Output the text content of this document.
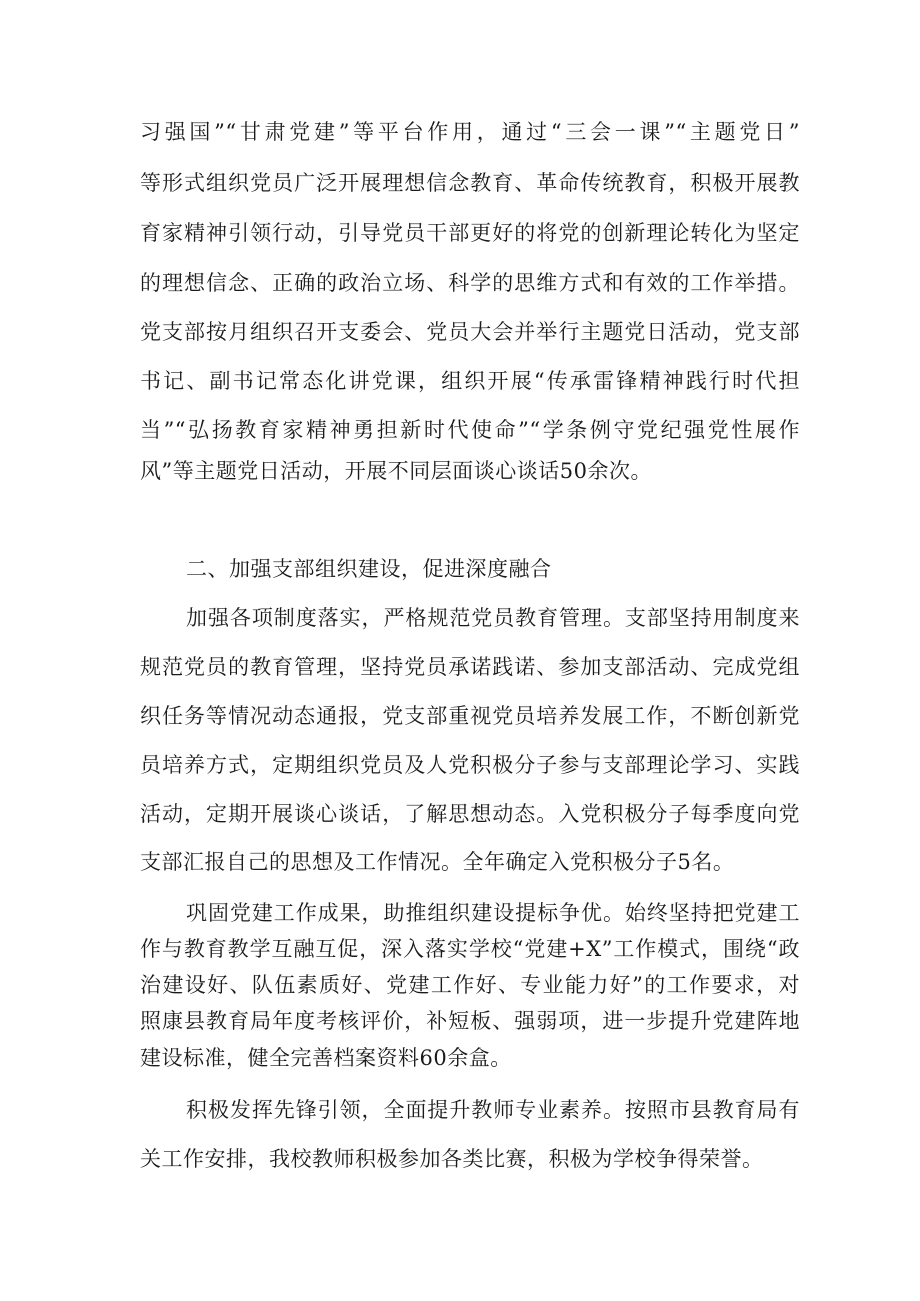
习强国”“甘肃党建”等平台作用，通过“三会一课”“主题党日”
等形式组织党员广泛开展理想信念教育、革命传统教育，积极开展教
育家精神引领行动，引导党员干部更好的将党的创新理论转化为坚定
的理想信念、正确的政治立场、科学的思维方式和有效的工作举措。
党支部按月组织召开支委会、党员大会并举行主题党日活动，党支部
书记、副书记常态化讲党课，组织开展“传承雷锋精神践行时代担
当”“弘扬教育家精神勇担新时代使命”“学条例守党纪强党性展作
风”等主题党日活动，开展不同层面谈心谈话50余次。
二、加强支部组织建设，促进深度融合
加强各项制度落实，严格规范党员教育管理。支部坚持用制度来
规范党员的教育管理，坚持党员承诺践诺、参加支部活动、完成党组
织任务等情况动态通报，党支部重视党员培养发展工作，不断创新党
员培养方式，定期组织党员及人党积极分子参与支部理论学习、实践
活动，定期开展谈心谈话，了解思想动态。入党积极分子每季度向党
支部汇报自己的思想及工作情况。全年确定入党积极分子5名。
巩固党建工作成果，助推组织建设提标争优。始终坚持把党建工
作与教育教学互融互促，深入落实学校“党建+X”工作模式，围绕“政
治建设好、队伍素质好、党建工作好、专业能力好”的工作要求，对
照康县教育局年度考核评价，补短板、强弱项，进一步提升党建阵地
建设标准，健全完善档案资料60余盒。
积极发挥先锋引领，全面提升教师专业素养。按照市县教育局有
关工作安排，我校教师积极参加各类比赛，积极为学校争得荣誉。
